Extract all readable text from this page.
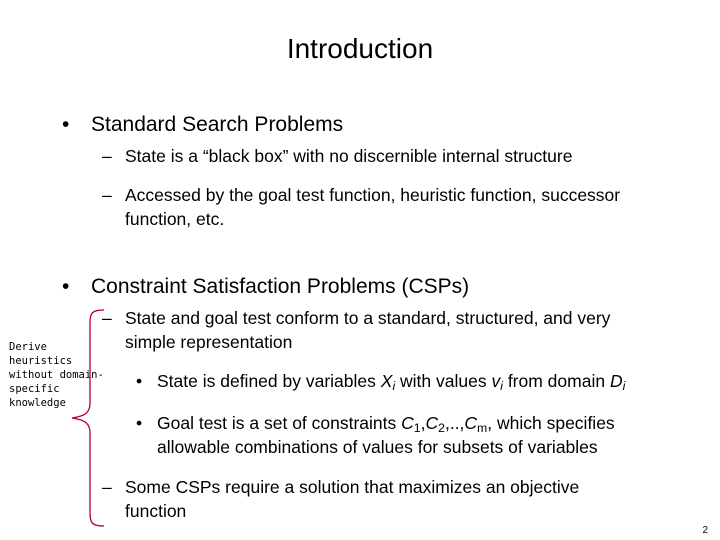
Introduction
• Standard Search Problems
– State is a “black box” with no discernible internal structure
– Accessed by the goal test function, heuristic function, successor
function, etc.
• Constraint Satisfaction Problems (CSPs)
– State and goal test conform to a standard, structured, and very
simple representation
• State is defined by variables $X_i$ with values $v_i$ from domain $D_i$
• Goal test is a set of constraints $C_1,C_2,..,C_m$, which specifies
allowable combinations of values for subsets of variables
– Some CSPs require a solution that maximizes an objective
function
Derive heuristics without domain-specific knowledge
2
